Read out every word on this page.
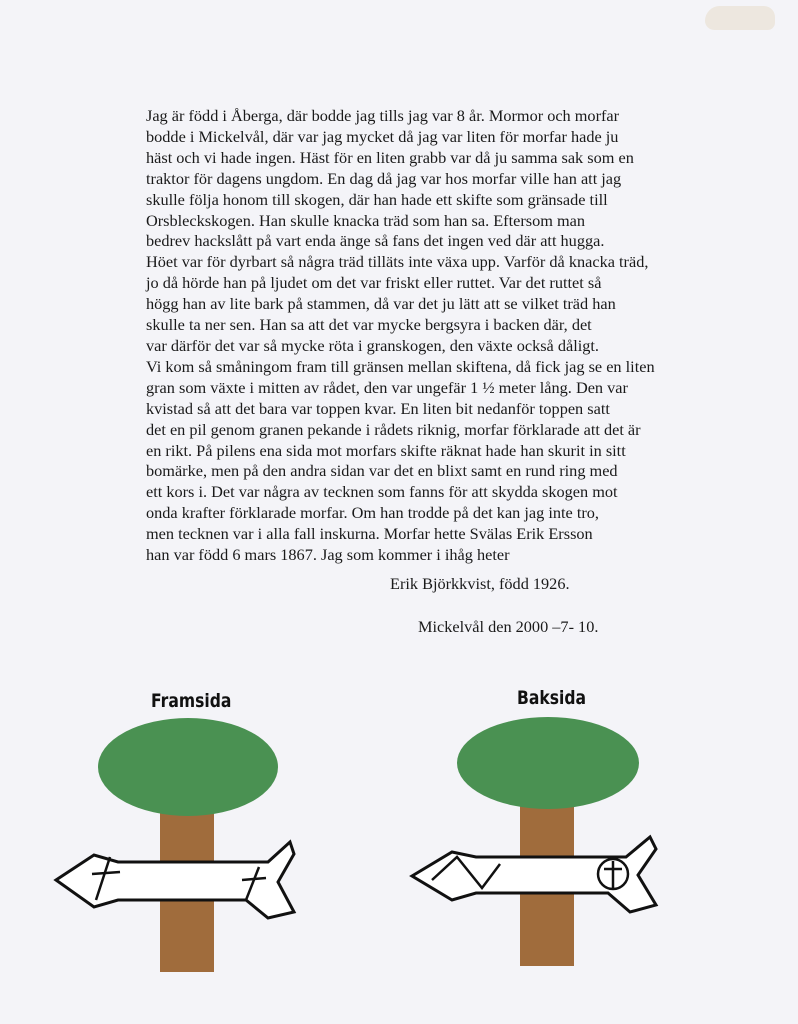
Jag är född i Åberga, där bodde jag tills jag var 8 år. Mormor och morfar
bodde i Mickelvål, där var jag mycket då jag var liten för morfar hade ju
häst och vi hade ingen. Häst för en liten grabb var då ju samma sak som en
traktor för dagens ungdom. En dag då jag var hos morfar ville han att jag
skulle följa honom till skogen, där han hade ett skifte som gränsade till
Orsbleckskogen. Han skulle knacka träd som han sa. Eftersom man
bedrev hackslått på vart enda änge så fans det ingen ved där att hugga.
Höet var för dyrbart så några träd tilläts inte växa upp. Varför då knacka träd,
jo då hörde han på ljudet om det var friskt eller ruttet. Var det ruttet så
högg han av lite bark på stammen, då var det ju lätt att se vilket träd han
skulle ta ner sen. Han sa att det var mycke bergsyra i backen där, det
var därför det var så mycke röta i granskogen, den växte också dåligt.
Vi kom så småningom fram till gränsen mellan skiftena, då fick jag se en liten
gran som växte i mitten av rådet, den var ungefär 1 ½ meter lång. Den var
kvistad så att det bara var toppen kvar. En liten bit nedanför toppen satt
det en pil genom granen pekande i rådets riknig, morfar förklarade att det är
en rikt. På pilens ena sida mot morfars skifte räknat hade han skurit in sitt
bomärke, men på den andra sidan var det en blixt samt en rund ring med
ett kors i. Det var några av tecknen som fanns för att skydda skogen mot
onda krafter förklarade morfar. Om han trodde på det kan jag inte tro,
men tecknen var i alla fall inskurna. Morfar hette Svälas Erik Ersson
han var född 6 mars 1867. Jag som kommer i ihåg heter
Erik Björkkvist, född 1926.
Mickelvål den 2000 –7- 10.
Framsida	Baksida
